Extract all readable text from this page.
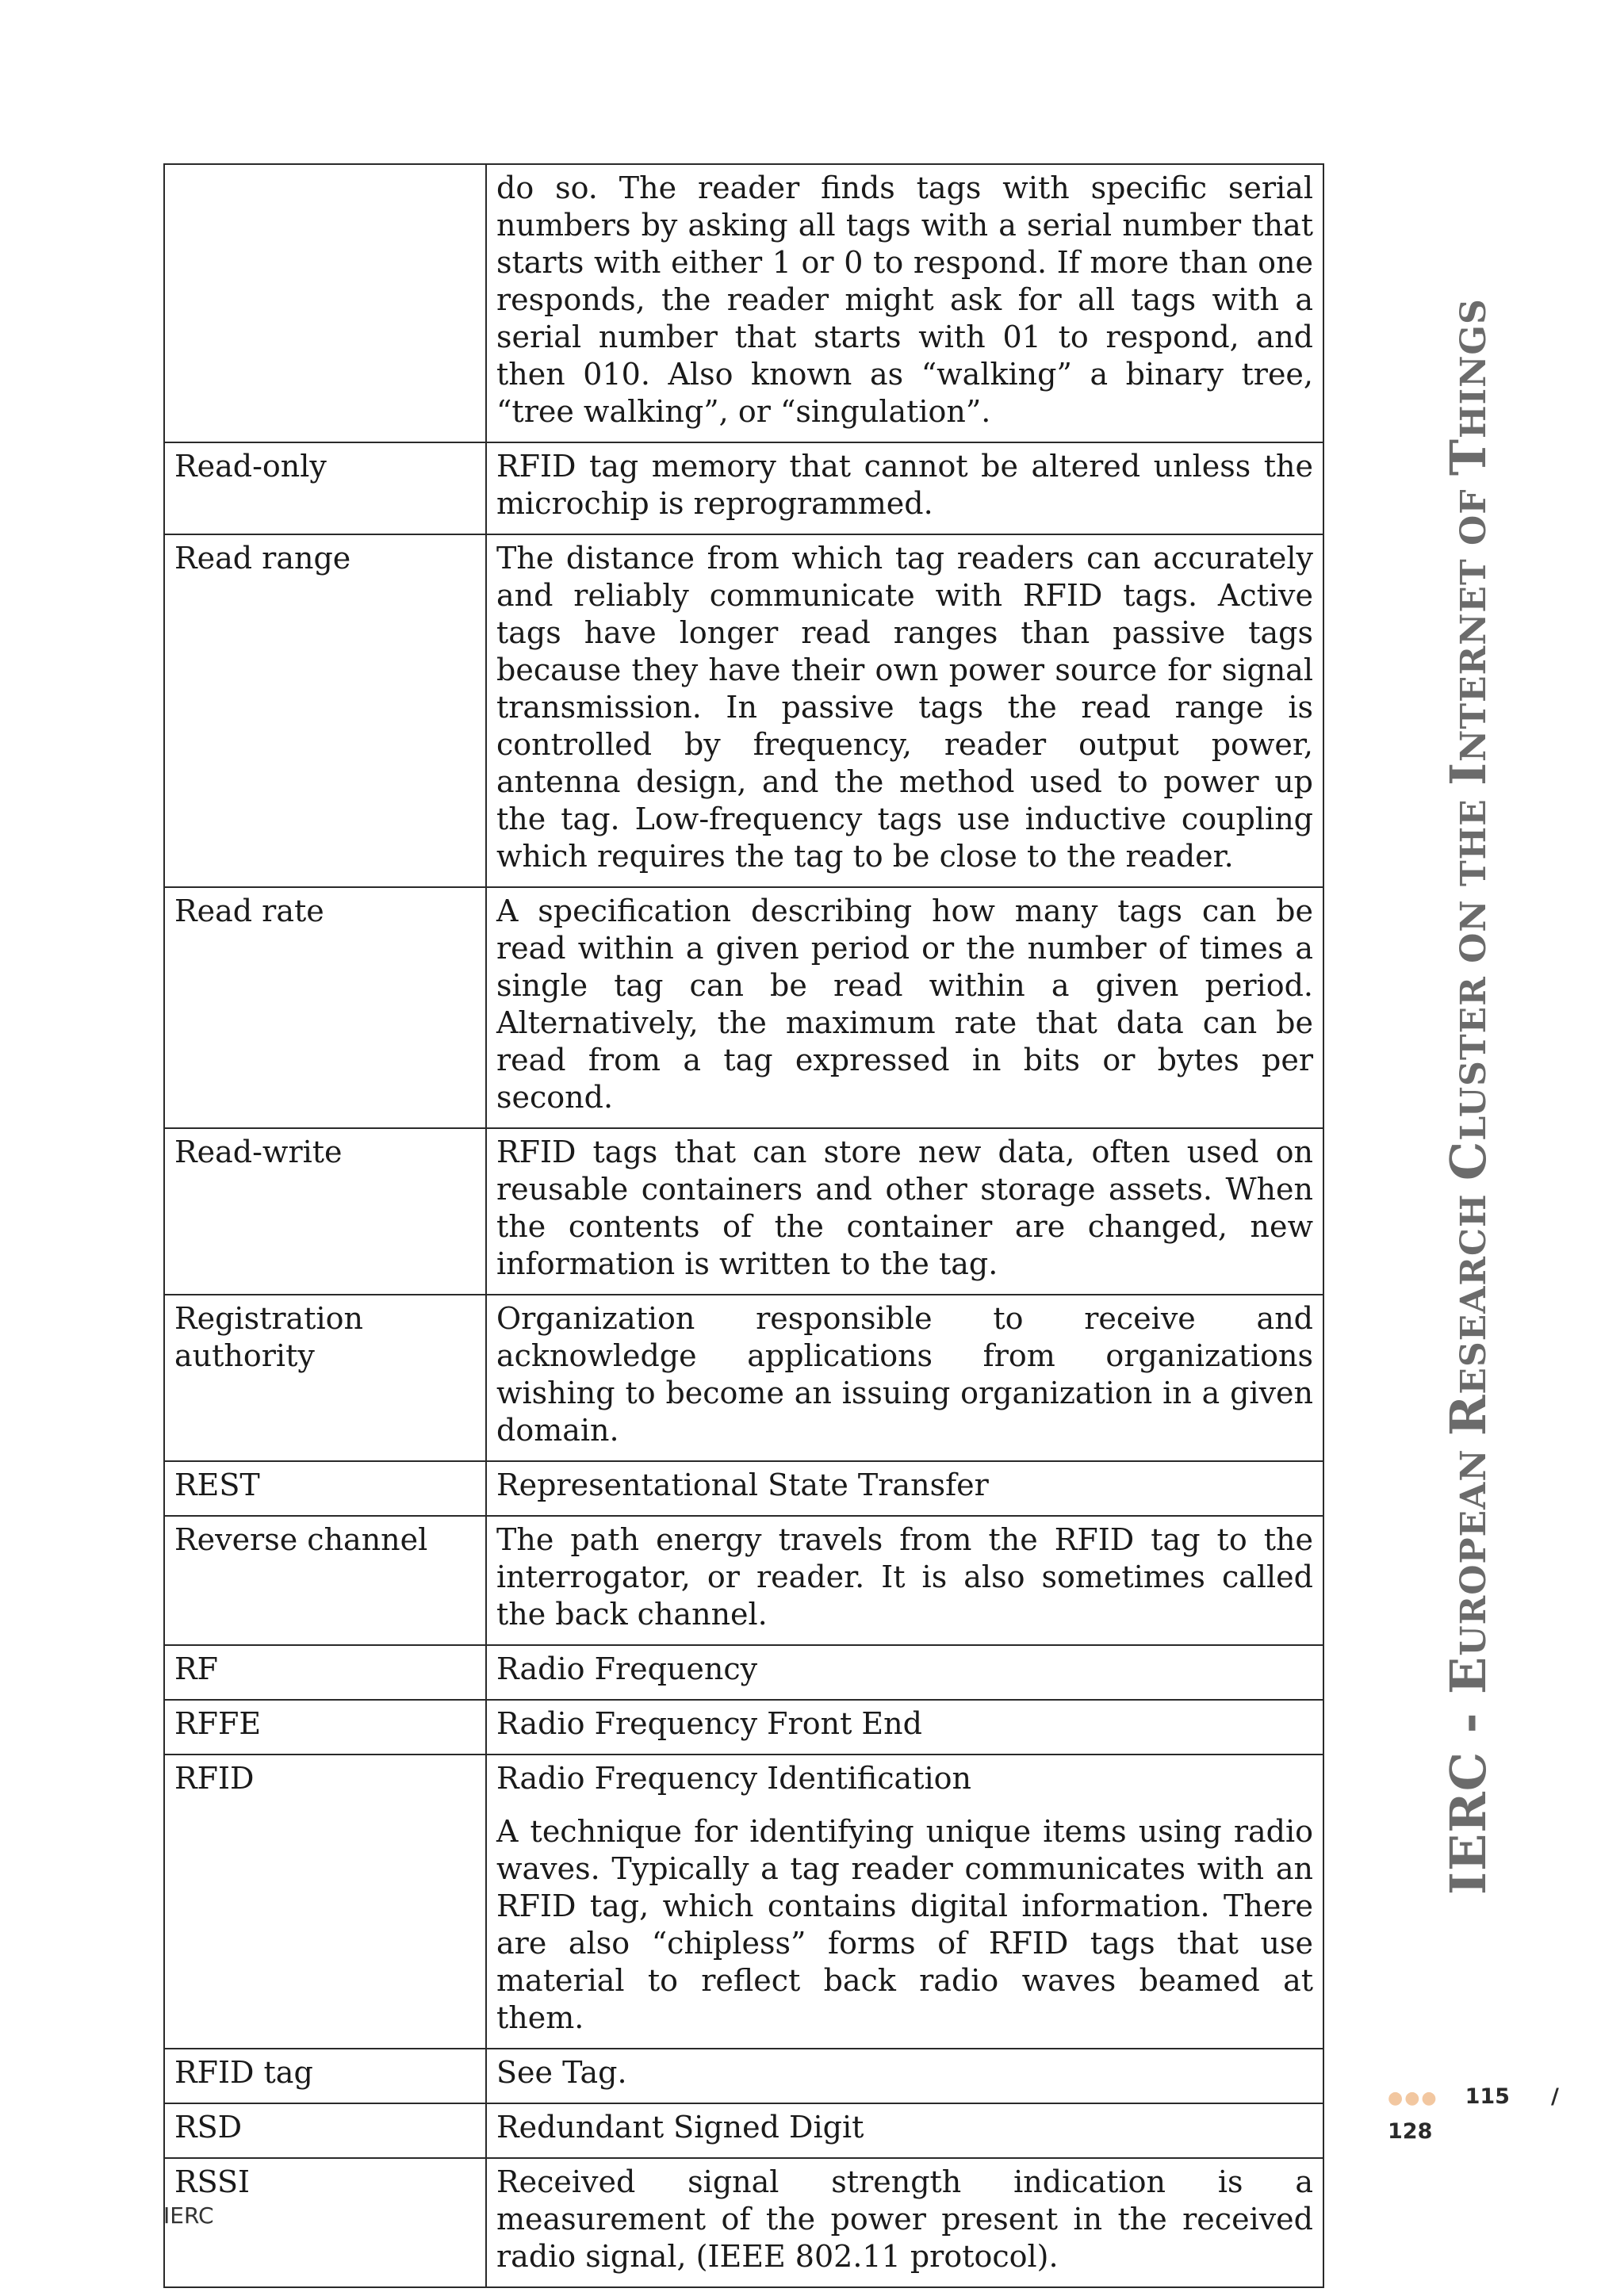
	do so. The reader finds tags with specific serial numbers by asking all tags with a serial number that starts with either 1 or 0 to respond. If more than one responds, the reader might ask for all tags with a serial number that starts with 01 to respond, and then 010. Also known as “walking” a binary tree, “tree walking”, or “singulation”.

Read-only	RFID tag memory that cannot be altered unless the microchip is reprogrammed.

Read range	The distance from which tag readers can accurately and reliably communicate with RFID tags. Active tags have longer read ranges than passive tags because they have their own power source for signal transmission. In passive tags the read range is controlled by frequency, reader output power, antenna design, and the method used to power up the tag. Low-frequency tags use inductive coupling which requires the tag to be close to the reader.

Read rate	A specification describing how many tags can be read within a given period or the number of times a single tag can be read within a given period. Alternatively, the maximum rate that data can be read from a tag expressed in bits or bytes per second.

Read-write	RFID tags that can store new data, often used on reusable containers and other storage assets. When the contents of the container are changed, new information is written to the tag.

Registration authority	Organization responsible to receive and acknowledge applications from organizations wishing to become an issuing organization in a given domain.

REST	Representational State Transfer

Reverse channel	The path energy travels from the RFID tag to the interrogator, or reader. It is also sometimes called the back channel.

RF	Radio Frequency

RFFE	Radio Frequency Front End

RFID	Radio Frequency Identification

A technique for identifying unique items using radio waves. Typically a tag reader communicates with an RFID tag, which contains digital information. There are also “chipless” forms of RFID tags that use material to reflect back radio waves beamed at them.

RFID tag	See Tag.

RSD	Redundant Signed Digit

RSSI	Received signal strength indication is a measurement of the power present in the received radio signal, (IEEE 802.11 protocol).

IERC - EUROPEAN RESEARCH CLUSTER ON THE INTERNET OF THINGS
●●● 115 /
128
IERC
